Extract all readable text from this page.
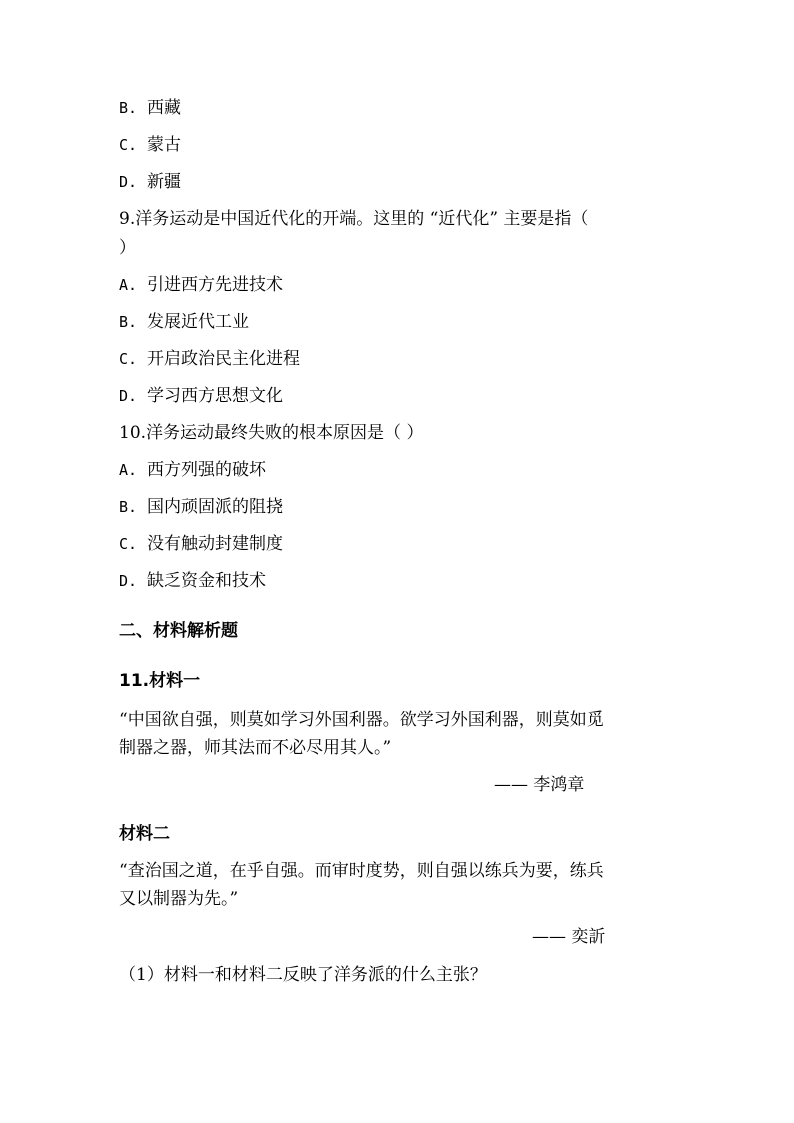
B. 西藏
C. 蒙古
D. 新疆
9.洋务运动是中国近代化的开端。这里的 “近代化” 主要是指（
）
A. 引进西方先进技术
B. 发展近代工业
C. 开启政治民主化进程
D. 学习西方思想文化
10.洋务运动最终失败的根本原因是（ ）
A. 西方列强的破坏
B. 国内顽固派的阻挠
C. 没有触动封建制度
D. 缺乏资金和技术
二、材料解析题
11.材料一
“中国欲自强，则莫如学习外国利器。欲学习外国利器，则莫如觅
制器之器，师其法而不必尽用其人。”
—— 李鸿章
材料二
“查治国之道，在乎自强。而审时度势，则自强以练兵为要，练兵
又以制器为先。”
—— 奕訢
（1）材料一和材料二反映了洋务派的什么主张？
